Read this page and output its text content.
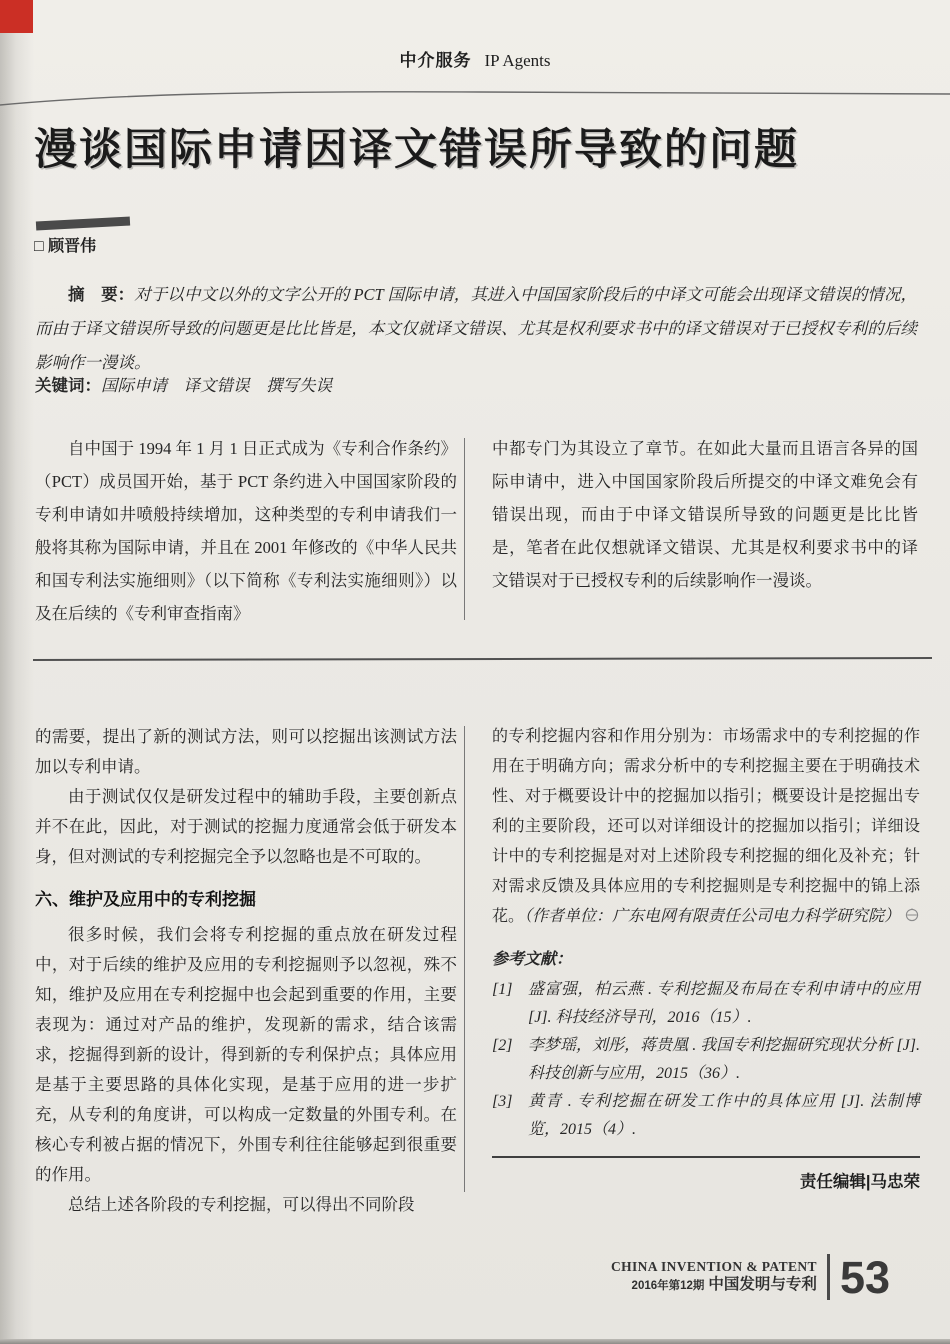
中介服务 IP Agents
漫谈国际申请因译文错误所导致的问题
□ 顾晋伟
摘　要：对于以中文以外的文字公开的 PCT 国际申请，其进入中国国家阶段后的中译文可能会出现译文错误的情况，而由于译文错误所导致的问题更是比比皆是，本文仅就译文错误、尤其是权利要求书中的译文错误对于已授权专利的后续影响作一漫谈。
关键词：国际申请　译文错误　撰写失误

自中国于 1994 年 1 月 1 日正式成为《专利合作条约》（PCT）成员国开始，基于 PCT 条约进入中国国家阶段的专利申请如井喷般持续增加，这种类型的专利申请我们一般将其称为国际申请，并且在 2001 年修改的《中华人民共和国专利法实施细则》（以下简称《专利法实施细则》）以及在后续的《专利审查指南》

中都专门为其设立了章节。在如此大量而且语言各异的国际申请中，进入中国国家阶段后所提交的中译文难免会有错误出现，而由于中译文错误所导致的问题更是比比皆是，笔者在此仅想就译文错误、尤其是权利要求书中的译文错误对于已授权专利的后续影响作一漫谈。

的需要，提出了新的测试方法，则可以挖掘出该测试方法加以专利申请。

由于测试仅仅是研发过程中的辅助手段，主要创新点并不在此，因此，对于测试的挖掘力度通常会低于研发本身，但对测试的专利挖掘完全予以忽略也是不可取的。

六、维护及应用中的专利挖掘

很多时候，我们会将专利挖掘的重点放在研发过程中，对于后续的维护及应用的专利挖掘则予以忽视，殊不知，维护及应用在专利挖掘中也会起到重要的作用，主要表现为：通过对产品的维护，发现新的需求，结合该需求，挖掘得到新的设计，得到新的专利保护点；具体应用是基于主要思路的具体化实现，是基于应用的进一步扩充，从专利的角度讲，可以构成一定数量的外围专利。在核心专利被占据的情况下，外围专利往往能够起到很重要的作用。

总结上述各阶段的专利挖掘，可以得出不同阶段

的专利挖掘内容和作用分别为：市场需求中的专利挖掘的作用在于明确方向；需求分析中的专利挖掘主要在于明确技术性、对于概要设计中的挖掘加以指引；概要设计是挖掘出专利的主要阶段，还可以对详细设计的挖掘加以指引；详细设计中的专利挖掘是对对上述阶段专利挖掘的细化及补充；针对需求反馈及具体应用的专利挖掘则是专利挖掘中的锦上添花。（作者单位：广东电网有限责任公司电力科学研究院）

参考文献：
[1] 盛富强，柏云燕 . 专利挖掘及布局在专利申请中的应用 [J]. 科技经济导刊，2016（15）.
[2] 李梦瑶，刘彤，蒋贵凰 . 我国专利挖掘研究现状分析 [J]. 科技创新与应用，2015（36）.
[3] 黄青 . 专利挖掘在研发工作中的具体应用 [J]. 法制博览，2015（4）.
责任编辑|马忠荣
CHINA INVENTION & PATENT
2016年第12期 中国发明与专利 53
